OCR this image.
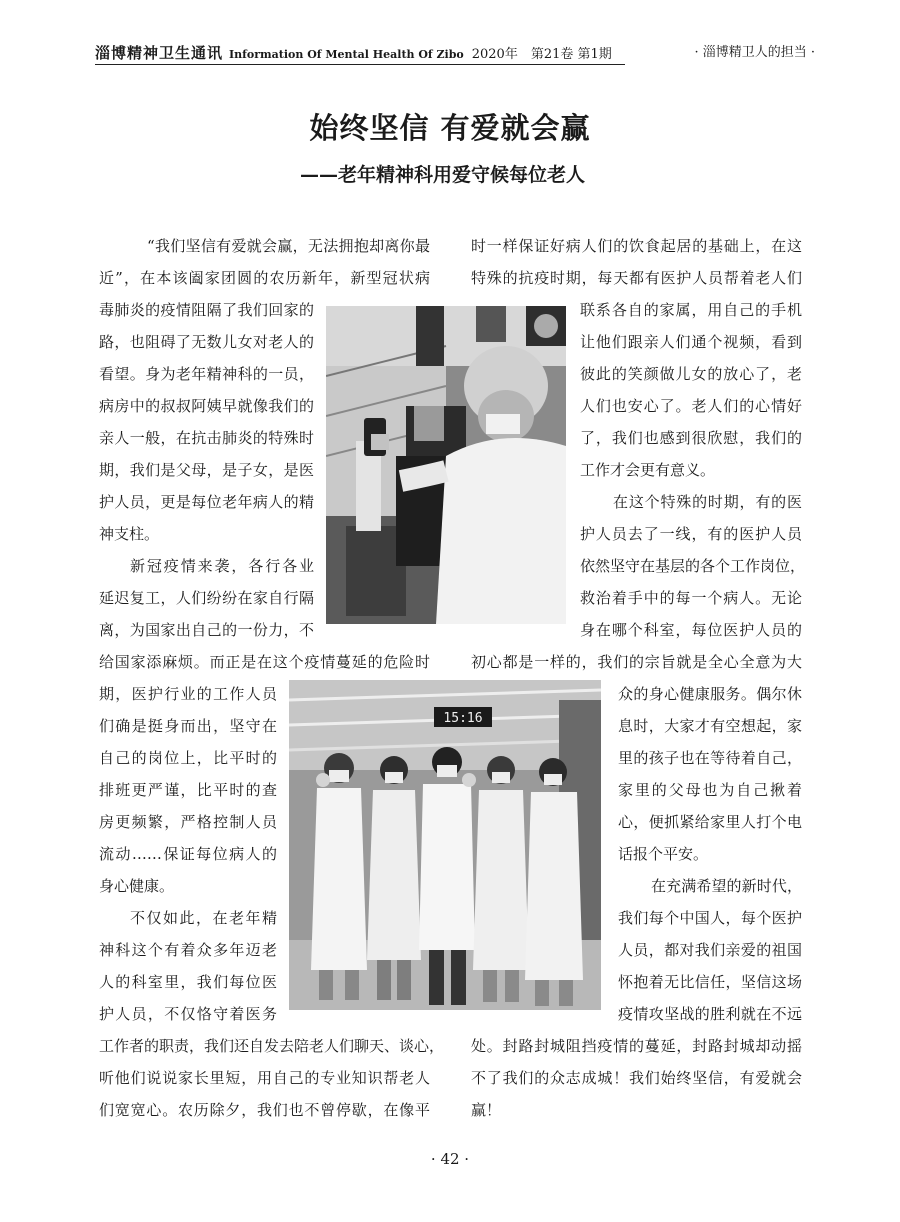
淄博精神卫生通讯 Information Of Mental Health Of Zibo 2020年　第21卷 第1期	· 淄博精卫人的担当 ·
始终坚信 有爱就会赢
——老年精神科用爱守候每位老人

“我们坚信有爱就会赢，无法拥抱却离你最

近”，在本该阖家团圆的农历新年，新型冠状病

毒肺炎的疫情阻隔了我们回家的

路，也阻碍了无数儿女对老人的

看望。身为老年精神科的一员，

病房中的叔叔阿姨早就像我们的

亲人一般，在抗击肺炎的特殊时

期，我们是父母，是子女，是医

护人员，更是每位老年病人的精

神支柱。

新冠疫情来袭，各行各业

延迟复工，人们纷纷在家自行隔

离，为国家出自己的一份力，不

给国家添麻烦。而正是在这个疫情蔓延的危险时

期，医护行业的工作人员

们确是挺身而出，坚守在

自己的岗位上，比平时的

排班更严谨，比平时的查

房更频繁，严格控制人员

流动……保证每位病人的

身心健康。

不仅如此，在老年精

神科这个有着众多年迈老

人的科室里，我们每位医

护人员，不仅恪守着医务

工作者的职责，我们还自发去陪老人们聊天、谈心，

听他们说说家长里短，用自己的专业知识帮老人

们宽宽心。农历除夕，我们也不曾停歇，在像平

时一样保证好病人们的饮食起居的基础上，在这

特殊的抗疫时期，每天都有医护人员帮着老人们

联系各自的家属，用自己的手机

让他们跟亲人们通个视频，看到

彼此的笑颜做儿女的放心了，老

人们也安心了。老人们的心情好

了，我们也感到很欣慰，我们的

工作才会更有意义。

在这个特殊的时期，有的医

护人员去了一线，有的医护人员

依然坚守在基层的各个工作岗位，

救治着手中的每一个病人。无论

身在哪个科室，每位医护人员的

初心都是一样的，我们的宗旨就是全心全意为大

众的身心健康服务。偶尔休

息时，大家才有空想起，家

里的孩子也在等待着自己，

家里的父母也为自己揪着

心，便抓紧给家里人打个电

话报个平安。

在充满希望的新时代，

我们每个中国人，每个医护

人员，都对我们亲爱的祖国

怀抱着无比信任，坚信这场

疫情攻坚战的胜利就在不远

处。封路封城阻挡疫情的蔓延，封路封城却动摇

不了我们的众志成城！我们始终坚信，有爱就会

赢！

15:16
· 42 ·
